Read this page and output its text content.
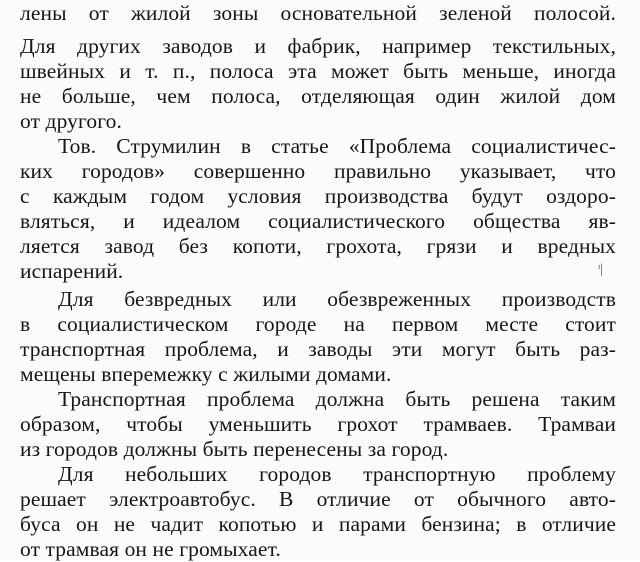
лены от жилой зоны основательной зеленой полосой.
Для других заводов и фабрик, например текстильных,
швейных и т. п., полоса эта может быть меньше, иногда
не больше, чем полоса, отделяющая один жилой дом
от другого.
Тов. Струмилин в статье «Проблема социалистичес-
ких городов» совершенно правильно указывает, что
с каждым годом условия производства будут оздоро-
вляться, и идеалом социалистического общества яв-
ляется завод без копоти, грохота, грязи и вредных
испарений.
Для безвредных или обезвреженных производств
в социалистическом городе на первом месте стоит
транспортная проблема, и заводы эти могут быть раз-
мещены вперемежку с жилыми домами.
Транспортная проблема должна быть решена таким
образом, чтобы уменьшить грохот трамваев. Трамваи
из городов должны быть перенесены за город.
Для небольших городов транспортную проблему
решает электроавтобус. В отличие от обычного авто-
буса он не чадит копотью и парами бензина; в отличие
от трамвая он не громыхает.
ᶦ|
